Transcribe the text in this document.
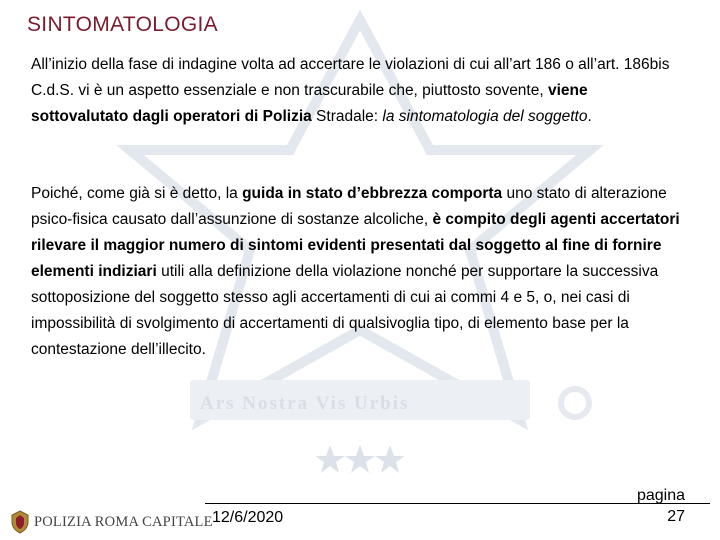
Ars Nostra Vis Urbis
SINTOMATOLOGIA

All’inizio della fase di indagine volta ad accertare le violazioni di cui all’art 186 o all’art. 186bis C.d.S. vi è un aspetto essenziale e non trascurabile che, piuttosto sovente, viene sottovalutato dagli operatori di Polizia Stradale: la sintomatologia del soggetto.

Poiché, come già si è detto, la guida in stato d’ebbrezza comporta uno stato di alterazione psico-fisica causato dall’assunzione di sostanze alcoliche, è compito degli agenti accertatori rilevare il maggior numero di sintomi evidenti presentati dal soggetto al fine di fornire elementi indiziari utili alla definizione della violazione nonché per supportare la successiva sottoposizione del soggetto stesso agli accertamenti di cui ai commi 4 e 5, o, nei casi di impossibilità di svolgimento di accertamenti di qualsivoglia tipo, di elemento base per la contestazione dell’illecito.

POLIZIA ROMA CAPITALE 12/6/2020
pagina
27
